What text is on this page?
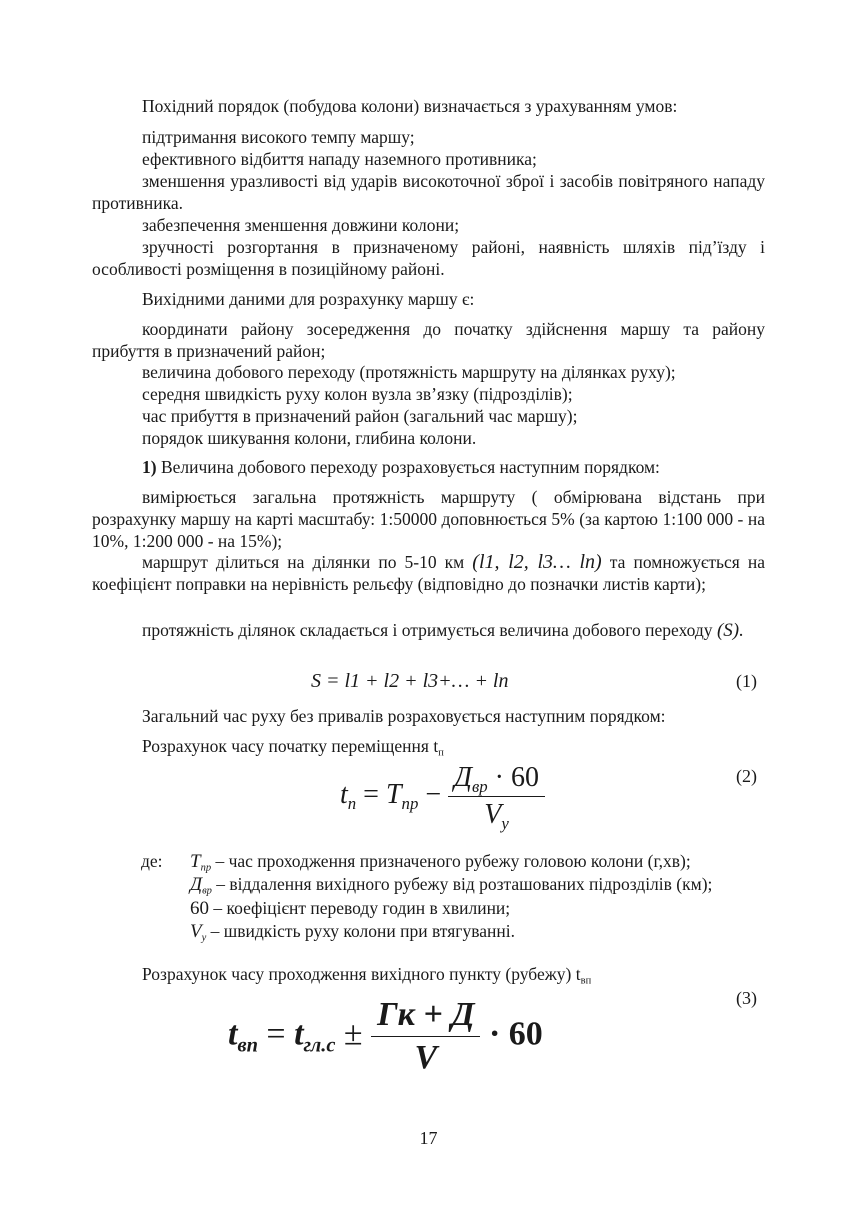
Похідний порядок (побудова колони) визначається з урахуванням умов:

підтримання високого темпу маршу;

ефективного відбиття нападу наземного противника;

зменшення уразливості від ударів високоточної зброї і засобів повітряного нападу противника.

забезпечення зменшення довжини колони;

зручності розгортання в призначеному районі, наявність шляхів під’їзду і особливості розміщення в позиційному районі.

Вихідними даними для розрахунку маршу є:

координати району зосередження до початку здійснення маршу та району прибуття в призначений район;

величина добового переходу (протяжність маршруту на ділянках руху);

середня швидкість руху колон вузла зв’язку (підрозділів);

час прибуття в призначений район (загальний час маршу);

порядок шикування колони, глибина колони.

1) Величина добового переходу розраховується наступним порядком:

вимірюється загальна протяжність маршруту ( обмірювана відстань при розрахунку маршу на карті масштабу: 1:50000 доповнюється 5% (за картою 1:100 000 - на 10%, 1:200 000 - на 15%);

маршрут ділиться на ділянки по 5-10 км (l1, l2, l3… ln) та помножується на коефіцієнт поправки на нерівність рельєфу (відповідно до позначки листів карти);

протяжність ділянок складається і отримується величина добового переходу (S).

S = l1 + l2 + l3+… + ln	(1)

Загальний час руху без привалів розраховується наступним порядком:

Розрахунок часу початку переміщення $t_п$

$t_п = Т_{пр} - \frac{Д_{вр} \cdot 60}{V_у}$	(2)
де: $Т_{пр}$ – час проходження призначеного рубежу головою колони (г,хв);
$Д_{вр}$ – віддалення вихідного рубежу від розташованих підрозділів (км);
60 – коефіцієнт переводу годин в хвилини;
$V_у$ – швидкість руху колони при втягуванні.

Розрахунок часу проходження вихідного пункту (рубежу) $t_{вп}$

$t_{вп} = t_{гл.с} \pm \frac{Гк + Д}{V} \cdot 60$
(3)
17
